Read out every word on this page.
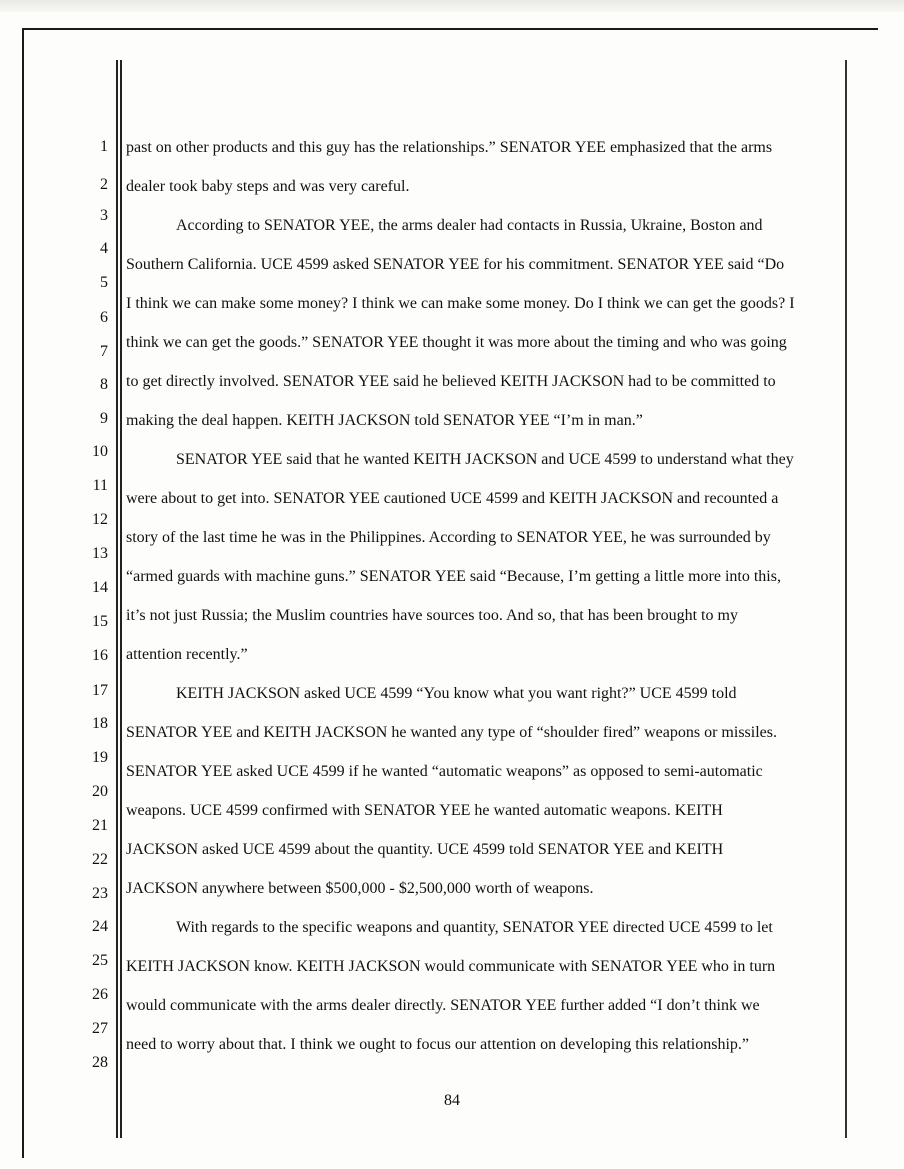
1
2
3
4
5
6
7
8
9
10
11
12
13
14
15
16
17
18
19
20
21
22
23
24
25
26
27
28
past on other products and this guy has the relationships.” SENATOR YEE emphasized that the arms
dealer took baby steps and was very careful.
According to SENATOR YEE, the arms dealer had contacts in Russia, Ukraine, Boston and
Southern California. UCE 4599 asked SENATOR YEE for his commitment. SENATOR YEE said “Do
I think we can make some money? I think we can make some money. Do I think we can get the goods? I
think we can get the goods.” SENATOR YEE thought it was more about the timing and who was going
to get directly involved. SENATOR YEE said he believed KEITH JACKSON had to be committed to
making the deal happen. KEITH JACKSON told SENATOR YEE “I’m in man.”
SENATOR YEE said that he wanted KEITH JACKSON and UCE 4599 to understand what they
were about to get into. SENATOR YEE cautioned UCE 4599 and KEITH JACKSON and recounted a
story of the last time he was in the Philippines. According to SENATOR YEE, he was surrounded by
“armed guards with machine guns.” SENATOR YEE said “Because, I’m getting a little more into this,
it’s not just Russia; the Muslim countries have sources too. And so, that has been brought to my
attention recently.”
KEITH JACKSON asked UCE 4599 “You know what you want right?” UCE 4599 told
SENATOR YEE and KEITH JACKSON he wanted any type of “shoulder fired” weapons or missiles.
SENATOR YEE asked UCE 4599 if he wanted “automatic weapons” as opposed to semi-automatic
weapons. UCE 4599 confirmed with SENATOR YEE he wanted automatic weapons. KEITH
JACKSON asked UCE 4599 about the quantity. UCE 4599 told SENATOR YEE and KEITH
JACKSON anywhere between $500,000 - $2,500,000 worth of weapons.
With regards to the specific weapons and quantity, SENATOR YEE directed UCE 4599 to let
KEITH JACKSON know. KEITH JACKSON would communicate with SENATOR YEE who in turn
would communicate with the arms dealer directly. SENATOR YEE further added “I don’t think we
need to worry about that. I think we ought to focus our attention on developing this relationship.”
84
